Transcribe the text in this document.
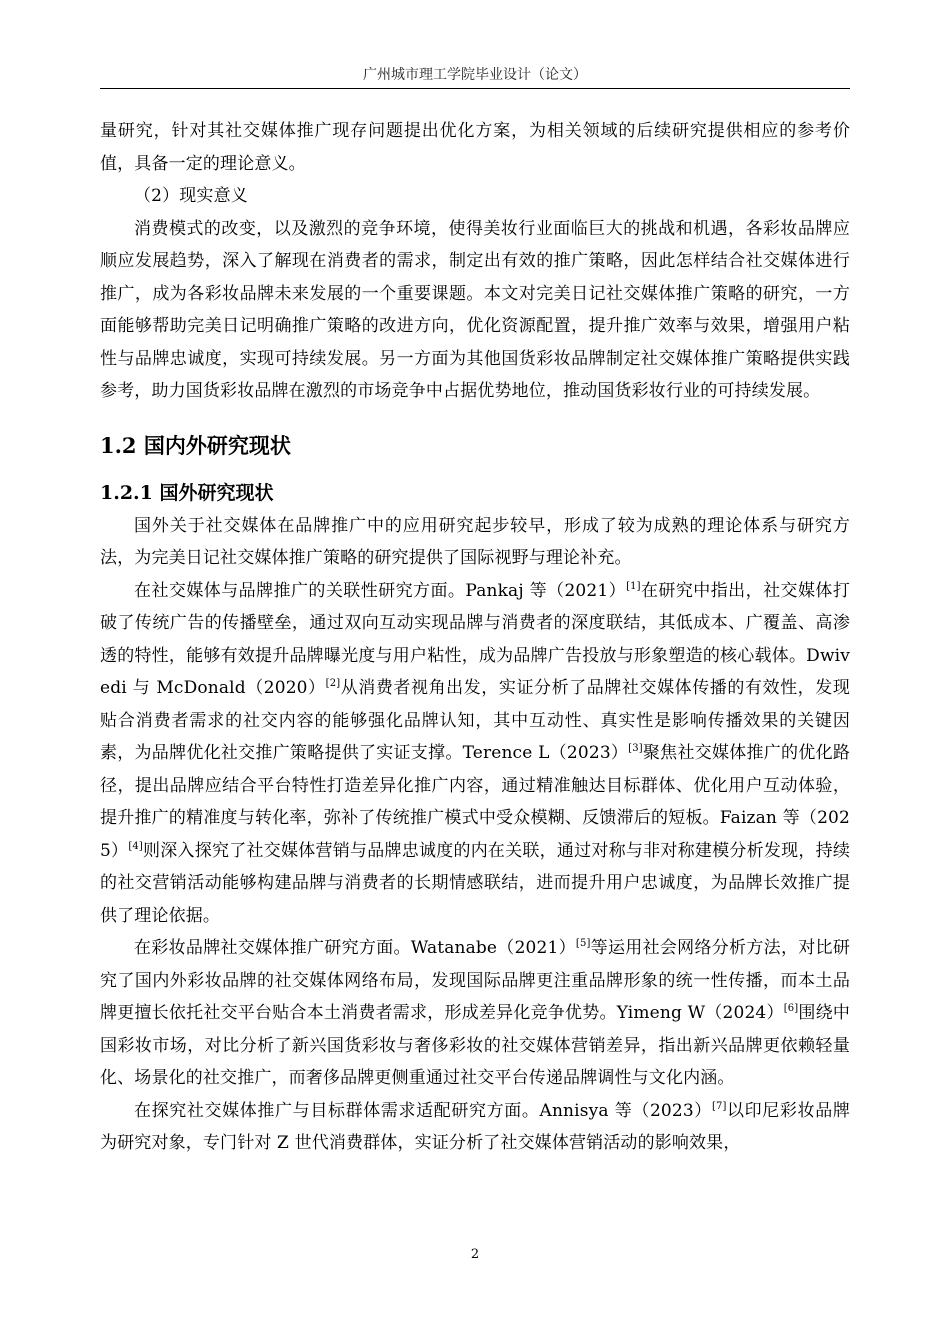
广州城市理工学院毕业设计（论文）

量研究，针对其社交媒体推广现存问题提出优化方案，为相关领域的后续研究提供相应的参考价值，具备一定的理论意义。

（2）现实意义

消费模式的改变，以及激烈的竞争环境，使得美妆行业面临巨大的挑战和机遇，各彩妆品牌应顺应发展趋势，深入了解现在消费者的需求，制定出有效的推广策略，因此怎样结合社交媒体进行推广，成为各彩妆品牌未来发展的一个重要课题。本文对完美日记社交媒体推广策略的研究，一方面能够帮助完美日记明确推广策略的改进方向，优化资源配置，提升推广效率与效果，增强用户粘性与品牌忠诚度，实现可持续发展。另一方面为其他国货彩妆品牌制定社交媒体推广策略提供实践参考，助力国货彩妆品牌在激烈的市场竞争中占据优势地位，推动国货彩妆行业的可持续发展。

1.2 国内外研究现状
1.2.1 国外研究现状

国外关于社交媒体在品牌推广中的应用研究起步较早，形成了较为成熟的理论体系与研究方法，为完美日记社交媒体推广策略的研究提供了国际视野与理论补充。

在社交媒体与品牌推广的关联性研究方面。Pankaj 等（2021）[1]在研究中指出，社交媒体打破了传统广告的传播壁垒，通过双向互动实现品牌与消费者的深度联结，其低成本、广覆盖、高渗透的特性，能够有效提升品牌曝光度与用户粘性，成为品牌广告投放与形象塑造的核心载体。Dwivedi 与 McDonald（2020）[2]从消费者视角出发，实证分析了品牌社交媒体传播的有效性，发现贴合消费者需求的社交内容的能够强化品牌认知，其中互动性、真实性是影响传播效果的关键因素，为品牌优化社交推广策略提供了实证支撑。Terence L（2023）[3]聚焦社交媒体推广的优化路径，提出品牌应结合平台特性打造差异化推广内容，通过精准触达目标群体、优化用户互动体验，提升推广的精准度与转化率，弥补了传统推广模式中受众模糊、反馈滞后的短板。Faizan 等（2025）[4]则深入探究了社交媒体营销与品牌忠诚度的内在关联，通过对称与非对称建模分析发现，持续的社交营销活动能够构建品牌与消费者的长期情感联结，进而提升用户忠诚度，为品牌长效推广提供了理论依据。

在彩妆品牌社交媒体推广研究方面。Watanabe（2021）[5]等运用社会网络分析方法，对比研究了国内外彩妆品牌的社交媒体网络布局，发现国际品牌更注重品牌形象的统一性传播，而本土品牌更擅长依托社交平台贴合本土消费者需求，形成差异化竞争优势。Yimeng W（2024）[6]围绕中国彩妆市场，对比分析了新兴国货彩妆与奢侈彩妆的社交媒体营销差异，指出新兴品牌更依赖轻量化、场景化的社交推广，而奢侈品牌更侧重通过社交平台传递品牌调性与文化内涵。

在探究社交媒体推广与目标群体需求适配研究方面。Annisya 等（2023）[7]以印尼彩妆品牌为研究对象，专门针对 Z 世代消费群体，实证分析了社交媒体营销活动的影响效果，

2
